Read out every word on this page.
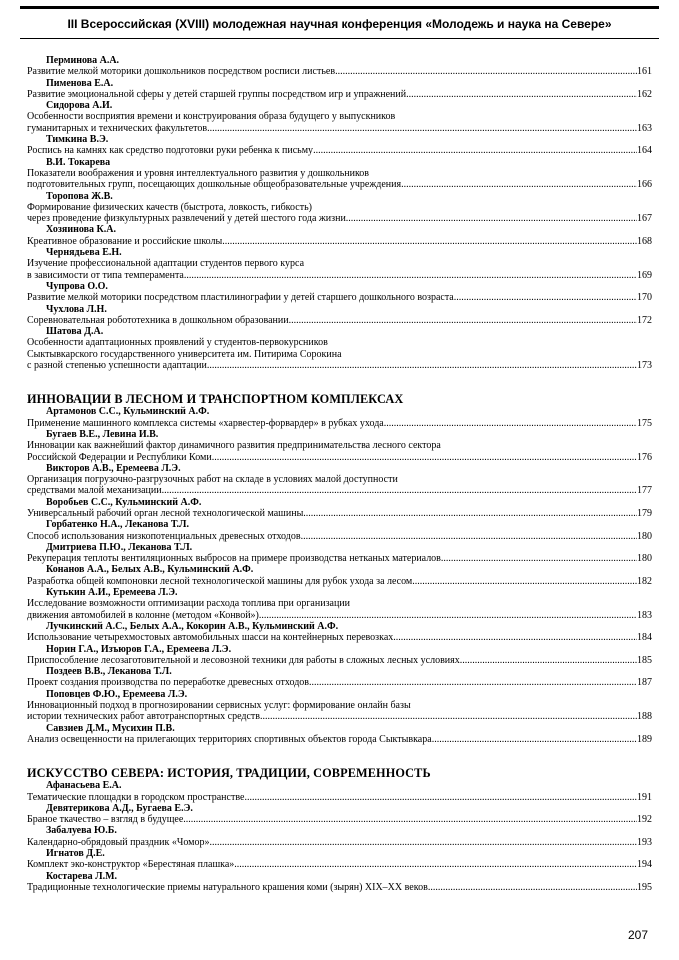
III Всероссийская (XVIII) молодежная научная конференция «Молодежь и наука на Севере»
Перминова А.А.
Развитие мелкой моторики дошкольников посредством росписи листьев .....	161
Пименова Е.А.
Развитие эмоциональной сферы у детей старшей группы посредством игр и упражнений .....	162
Сидорова А.И.
Особенности восприятия времени и конструирования образа будущего у выпускников
гуманитарных и технических факультетов .....	163
Тимкина В.Э.
Роспись на камнях как средство подготовки руки ребенка к письму .....	164
В.И. Токарева
Показатели воображения и уровня интеллектуального развития у дошкольников
подготовительных групп, посещающих дошкольные общеобразовательные учреждения .....	166
Торопова Ж.В.
Формирование физических качеств (быстрота, ловкость, гибкость)
через проведение физкультурных развлечений у детей шестого года жизни .....	167
Хозяинова К.А.
Креативное образование и российские школы .....	168
Чернядьева Е.Н.
Изучение профессиональной адаптации студентов первого курса
в зависимости от типа темперамента .....	169
Чупрова О.О.
Развитие мелкой моторики посредством пластилинографии у детей старшего дошкольного возраста .....	170
Чухлова Л.Н.
Соревновательная робототехника в дошкольном образовании .....	172
Шатова Д.А.
Особенности адаптационных проявлений у студентов-первокурсников
Сыктывкарского государственного университета им. Питирима Сорокина
с разной степенью успешности адаптации .....	173
ИННОВАЦИИ В ЛЕСНОМ И ТРАНСПОРТНОМ КОМПЛЕКСАХ
Артамонов С.С., Кульминский А.Ф.
Применение машинного комплекса системы «харвестер-форвардер» в рубках ухода .....	175
Бугаев В.Е., Левина И.В.
Инновации как важнейший фактор динамичного развития предпринимательства лесного сектора
Российской Федерации и Республики Коми .....	176
Викторов А.В., Еремеева Л.Э.
Организация погрузочно-разгрузочных работ на складе в условиях малой доступности
средствами малой механизации .....	177
Воробьев С.С., Кульминский А.Ф.
Универсальный рабочий орган лесной технологической машины .....	179
Горбатенко Н.А., Леканова Т.Л.
Способ использования низкопотенциальных древесных отходов .....	180
Дмитриева П.Ю., Леканова Т.Л.
Рекуперация теплоты вентиляционных выбросов на примере производства нетканых материалов .....	180
Конанов А.А., Белых А.В., Кульминский А.Ф.
Разработка общей компоновки лесной технологической машины для рубок ухода за лесом .....	182
Кутькин А.И., Еремеева Л.Э.
Исследование возможности оптимизации расхода топлива при организации
движения автомобилей в колонне (методом «Конвой») .....	183
Лучкинский А.С., Белых А.А., Кокорин А.В., Кульминский А.Ф.
Использование четырехмостовых автомобильных шасси на контейнерных перевозках .....	184
Норин Г.А., Изъюров Г.А., Еремеева Л.Э.
Приспособление лесозаготовительной и лесовозной техники для работы в сложных лесных условиях .....	185
Поздеев В.В., Леканова Т.Л.
Проект создания производства по переработке древесных отходов .....	187
Поповцев Ф.Ю., Еремеева Л.Э.
Инновационный подход в прогнозировании сервисных услуг: формирование онлайн базы
истории технических работ автотранспортных средств .....	188
Савзиев Д.М., Мусихин П.В.
Анализ освещенности на прилегающих территориях спортивных объектов города Сыктывкара .....	189
ИСКУССТВО СЕВЕРА: ИСТОРИЯ, ТРАДИЦИИ, СОВРЕМЕННОСТЬ
Афанасьева Е.А.
Тематические площадки в городском пространстве .....	191
Девятерикова А.Д., Бугаева Е.Э.
Браное ткачество – взгляд в будущее .....	192
Забалуева Ю.Б.
Календарно-обрядовый праздник «Чомор» .....	193
Игнатов Д.Е.
Комплект эко-конструктор «Берестяная плашка» .....	194
Костарева Л.М.
Традиционные технологические приемы натурального крашения коми (зырян) XIX–XX веков .....	195
207
